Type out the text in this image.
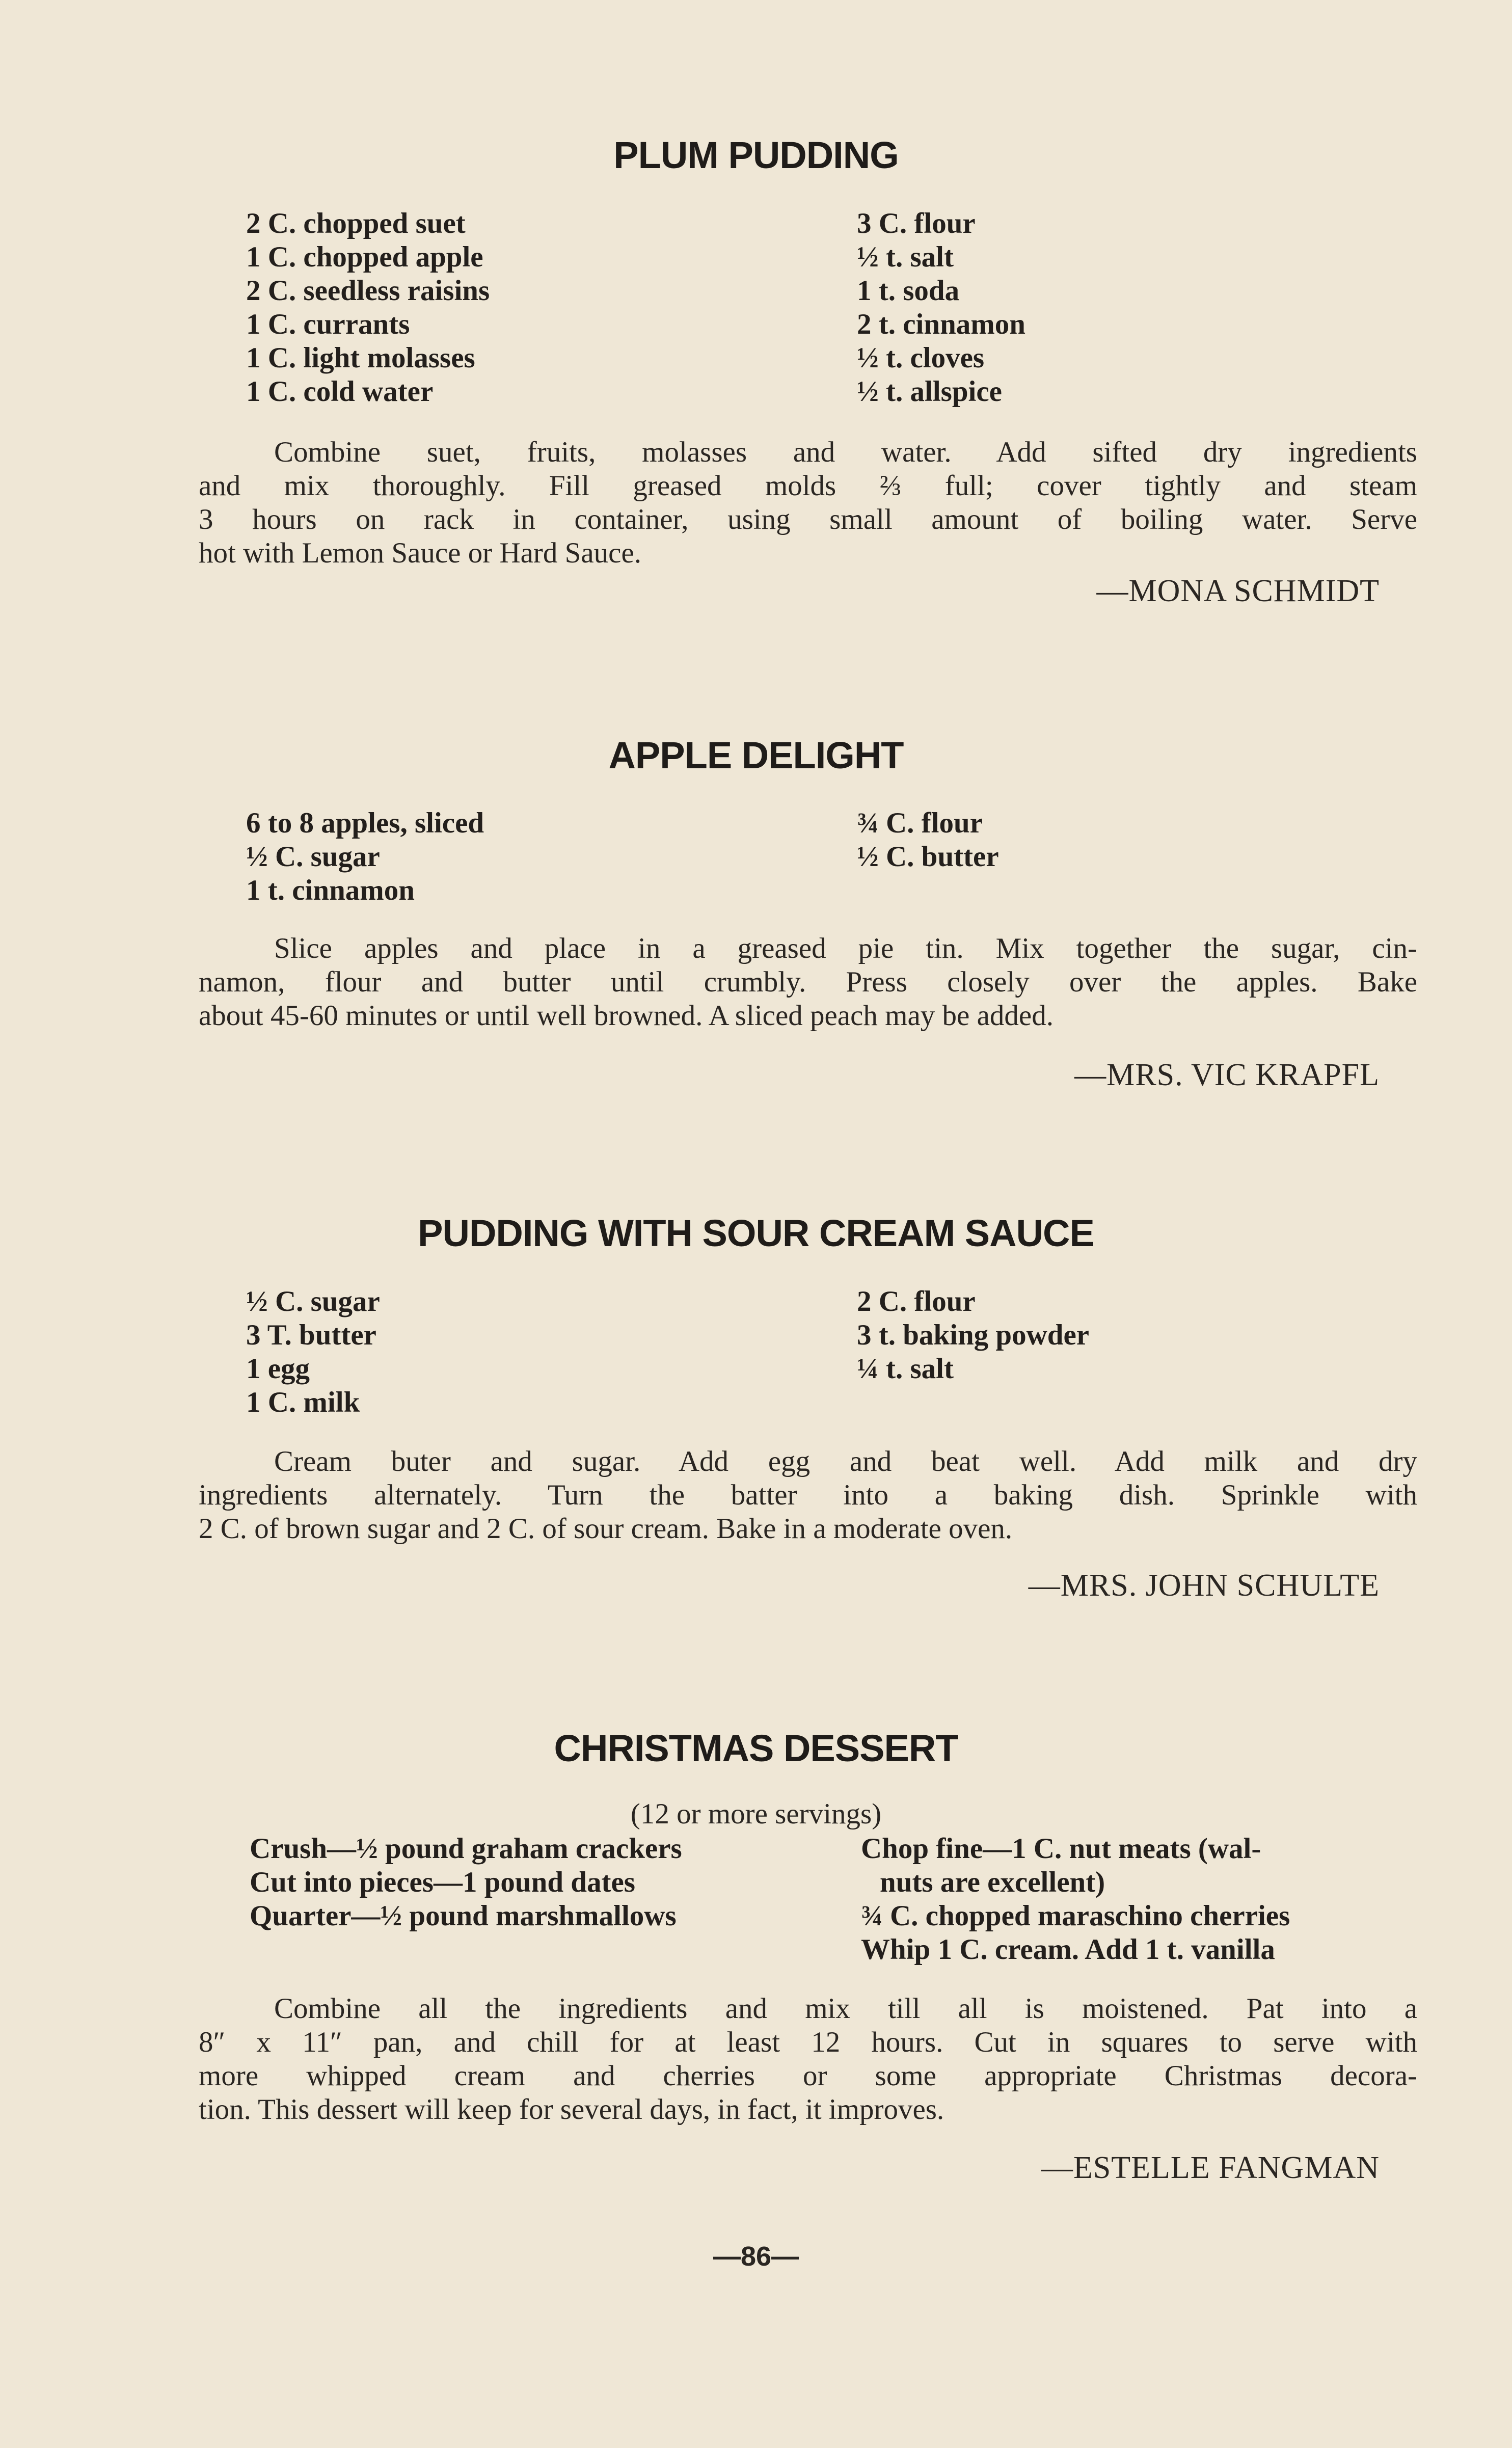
PLUM PUDDING
2 C. chopped suet
1 C. chopped apple
2 C. seedless raisins
1 C. currants
1 C. light molasses
1 C. cold water
3 C. flour
½ t. salt
1 t. soda
2 t. cinnamon
½ t. cloves
½ t. allspice
Combine suet, fruits, molasses and water. Add sifted dry ingredients
and mix thoroughly. Fill greased molds ⅔ full; cover tightly and steam
3 hours on rack in container, using small amount of boiling water. Serve
hot with Lemon Sauce or Hard Sauce.
—MONA SCHMIDT
APPLE DELIGHT
6 to 8 apples, sliced
½ C. sugar
1 t. cinnamon
¾ C. flour
½ C. butter
Slice apples and place in a greased pie tin. Mix together the sugar, cin-
namon, flour and butter until crumbly. Press closely over the apples. Bake
about 45-60 minutes or until well browned. A sliced peach may be added.
—MRS. VIC KRAPFL
PUDDING WITH SOUR CREAM SAUCE
½ C. sugar
3 T. butter
1 egg
1 C. milk
2 C. flour
3 t. baking powder
¼ t. salt
Cream buter and sugar. Add egg and beat well. Add milk and dry
ingredients alternately. Turn the batter into a baking dish. Sprinkle with
2 C. of brown sugar and 2 C. of sour cream. Bake in a moderate oven.
—MRS. JOHN SCHULTE
CHRISTMAS DESSERT
(12 or more servings)
Crush—½ pound graham crackers
Cut into pieces—1 pound dates
Quarter—½ pound marshmallows
Chop fine—1 C. nut meats (wal-
nuts are excellent)
¾ C. chopped maraschino cherries
Whip 1 C. cream. Add 1 t. vanilla
Combine all the ingredients and mix till all is moistened. Pat into a
8″ x 11″ pan, and chill for at least 12 hours. Cut in squares to serve with
more whipped cream and cherries or some appropriate Christmas decora-
tion. This dessert will keep for several days, in fact, it improves.
—ESTELLE FANGMAN
—86—
